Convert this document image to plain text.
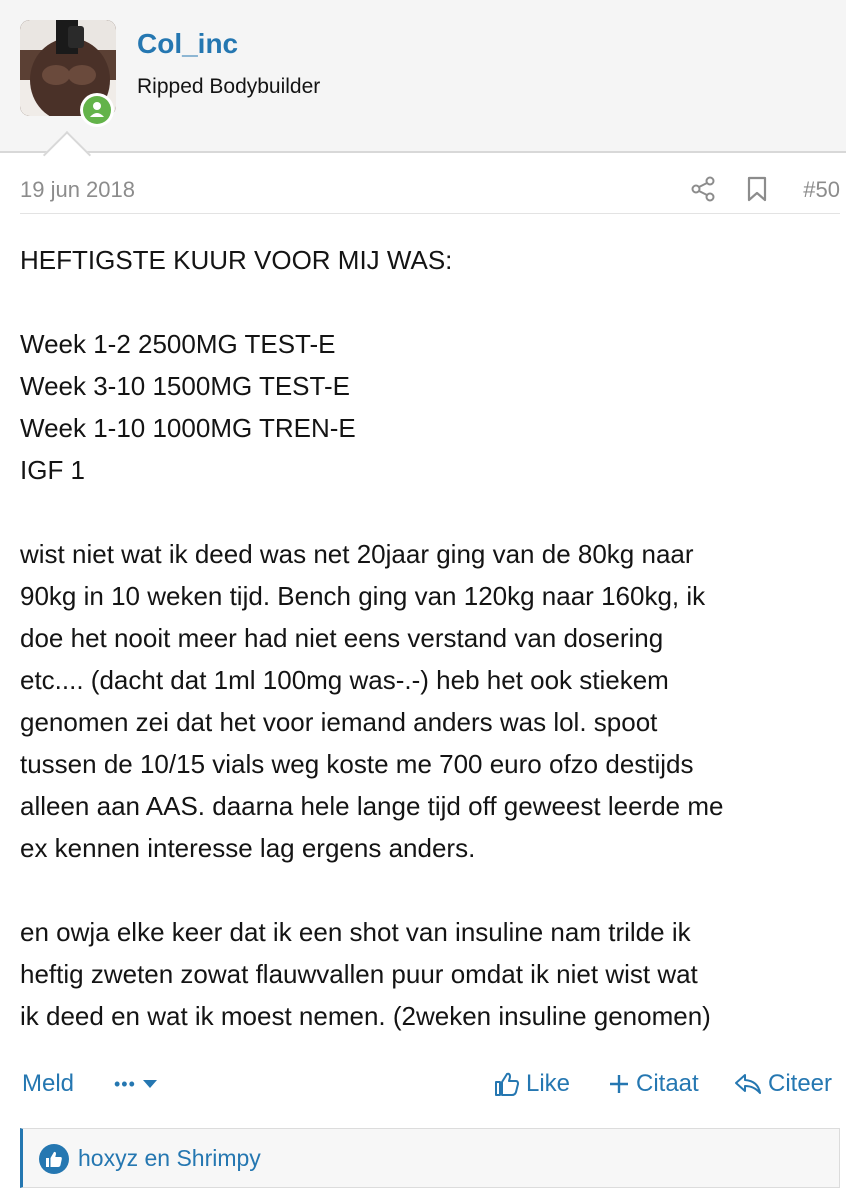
Col_inc
Ripped Bodybuilder
19 jun 2018	#50
HEFTIGSTE KUUR VOOR MIJ WAS:

Week 1-2 2500MG TEST-E
Week 3-10 1500MG TEST-E
Week 1-10 1000MG TREN-E
IGF 1

wist niet wat ik deed was net 20jaar ging van de 80kg naar
90kg in 10 weken tijd. Bench ging van 120kg naar 160kg, ik
doe het nooit meer had niet eens verstand van dosering
etc.... (dacht dat 1ml 100mg was-.-) heb het ook stiekem
genomen zei dat het voor iemand anders was lol. spoot
tussen de 10/15 vials weg koste me 700 euro ofzo destijds
alleen aan AAS. daarna hele lange tijd off geweest leerde me
ex kennen interesse lag ergens anders.

en owja elke keer dat ik een shot van insuline nam trilde ik
heftig zweten zowat flauwvallen puur omdat ik niet wist wat
ik deed en wat ik moest nemen. (2weken insuline genomen)
Meld •••	Like	Citaat	Citeer
hoxyz en Shrimpy
